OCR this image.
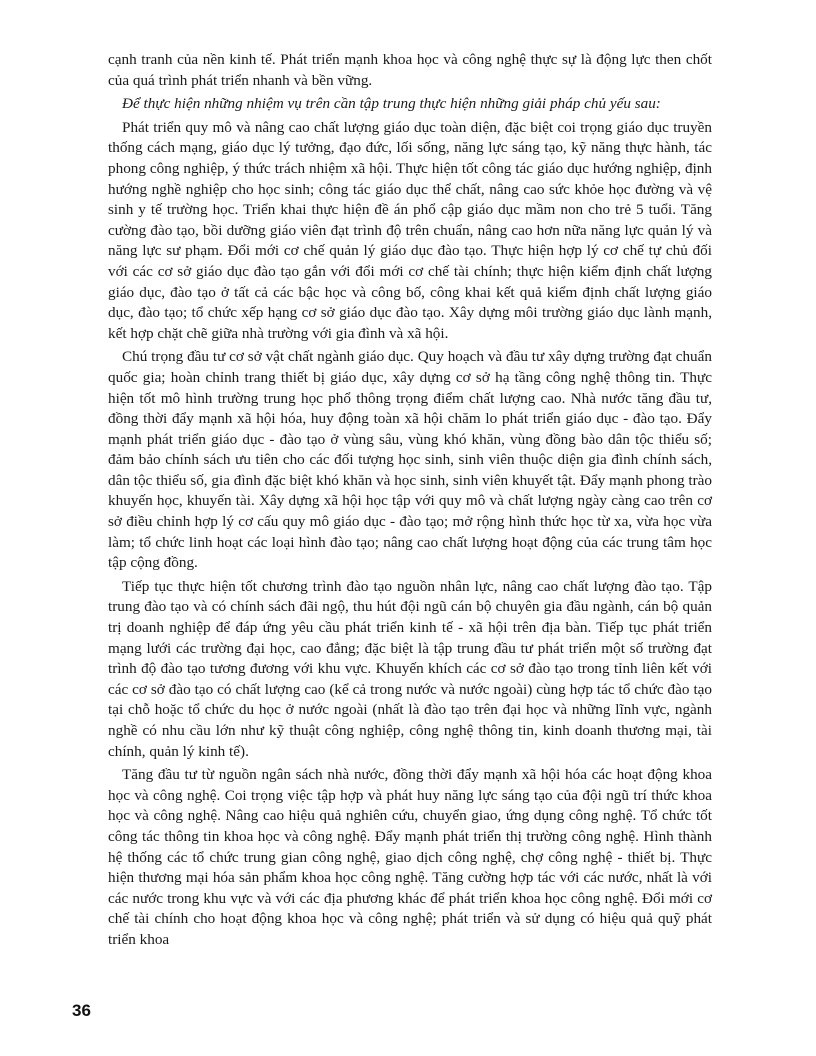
cạnh tranh của nền kinh tế. Phát triển mạnh khoa học và công nghệ thực sự là động lực then chốt của quá trình phát triển nhanh và bền vững.

Để thực hiện những nhiệm vụ trên cần tập trung thực hiện những giải pháp chủ yếu sau:

Phát triển quy mô và nâng cao chất lượng giáo dục toàn diện, đặc biệt coi trọng giáo dục truyền thống cách mạng, giáo dục lý tưởng, đạo đức, lối sống, năng lực sáng tạo, kỹ năng thực hành, tác phong công nghiệp, ý thức trách nhiệm xã hội. Thực hiện tốt công tác giáo dục hướng nghiệp, định hướng nghề nghiệp cho học sinh; công tác giáo dục thể chất, nâng cao sức khỏe học đường và vệ sinh y tế trường học. Triển khai thực hiện đề án phổ cập giáo dục mầm non cho trẻ 5 tuổi. Tăng cường đào tạo, bồi dưỡng giáo viên đạt trình độ trên chuẩn, nâng cao hơn nữa năng lực quản lý và năng lực sư phạm. Đổi mới cơ chế quản lý giáo dục đào tạo. Thực hiện hợp lý cơ chế tự chủ đối với các cơ sở giáo dục đào tạo gắn với đổi mới cơ chế tài chính; thực hiện kiểm định chất lượng giáo dục, đào tạo ở tất cả các bậc học và công bố, công khai kết quả kiểm định chất lượng giáo dục, đào tạo; tổ chức xếp hạng cơ sở giáo dục đào tạo. Xây dựng môi trường giáo dục lành mạnh, kết hợp chặt chẽ giữa nhà trường với gia đình và xã hội.

Chú trọng đầu tư cơ sở vật chất ngành giáo dục. Quy hoạch và đầu tư xây dựng trường đạt chuẩn quốc gia; hoàn chỉnh trang thiết bị giáo dục, xây dựng cơ sở hạ tầng công nghệ thông tin. Thực hiện tốt mô hình trường trung học phổ thông trọng điểm chất lượng cao. Nhà nước tăng đầu tư, đồng thời đẩy mạnh xã hội hóa, huy động toàn xã hội chăm lo phát triển giáo dục - đào tạo. Đẩy mạnh phát triển giáo dục - đào tạo ở vùng sâu, vùng khó khăn, vùng đồng bào dân tộc thiểu số; đảm bảo chính sách ưu tiên cho các đối tượng học sinh, sinh viên thuộc diện gia đình chính sách, dân tộc thiểu số, gia đình đặc biệt khó khăn và học sinh, sinh viên khuyết tật. Đẩy mạnh phong trào khuyến học, khuyến tài. Xây dựng xã hội học tập với quy mô và chất lượng ngày càng cao trên cơ sở điều chỉnh hợp lý cơ cấu quy mô giáo dục - đào tạo; mở rộng hình thức học từ xa, vừa học vừa làm; tổ chức linh hoạt các loại hình đào tạo; nâng cao chất lượng hoạt động của các trung tâm học tập cộng đồng.

Tiếp tục thực hiện tốt chương trình đào tạo nguồn nhân lực, nâng cao chất lượng đào tạo. Tập trung đào tạo và có chính sách đãi ngộ, thu hút đội ngũ cán bộ chuyên gia đầu ngành, cán bộ quản trị doanh nghiệp để đáp ứng yêu cầu phát triển kinh tế - xã hội trên địa bàn. Tiếp tục phát triển mạng lưới các trường đại học, cao đẳng; đặc biệt là tập trung đầu tư phát triển một số trường đạt trình độ đào tạo tương đương với khu vực. Khuyến khích các cơ sở đào tạo trong tỉnh liên kết với các cơ sở đào tạo có chất lượng cao (kể cả trong nước và nước ngoài) cùng hợp tác tổ chức đào tạo tại chỗ hoặc tổ chức du học ở nước ngoài (nhất là đào tạo trên đại học và những lĩnh vực, ngành nghề có nhu cầu lớn như kỹ thuật công nghiệp, công nghệ thông tin, kinh doanh thương mại, tài chính, quản lý kinh tế).

Tăng đầu tư từ nguồn ngân sách nhà nước, đồng thời đẩy mạnh xã hội hóa các hoạt động khoa học và công nghệ. Coi trọng việc tập hợp và phát huy năng lực sáng tạo của đội ngũ trí thức khoa học và công nghệ. Nâng cao hiệu quả nghiên cứu, chuyển giao, ứng dụng công nghệ. Tổ chức tốt công tác thông tin khoa học và công nghệ. Đẩy mạnh phát triển thị trường công nghệ. Hình thành hệ thống các tổ chức trung gian công nghệ, giao dịch công nghệ, chợ công nghệ - thiết bị. Thực hiện thương mại hóa sản phẩm khoa học công nghệ. Tăng cường hợp tác với các nước, nhất là với các nước trong khu vực và với các địa phương khác để phát triển khoa học công nghệ. Đổi mới cơ chế tài chính cho hoạt động khoa học và công nghệ; phát triển và sử dụng có hiệu quả quỹ phát triển khoa

36
